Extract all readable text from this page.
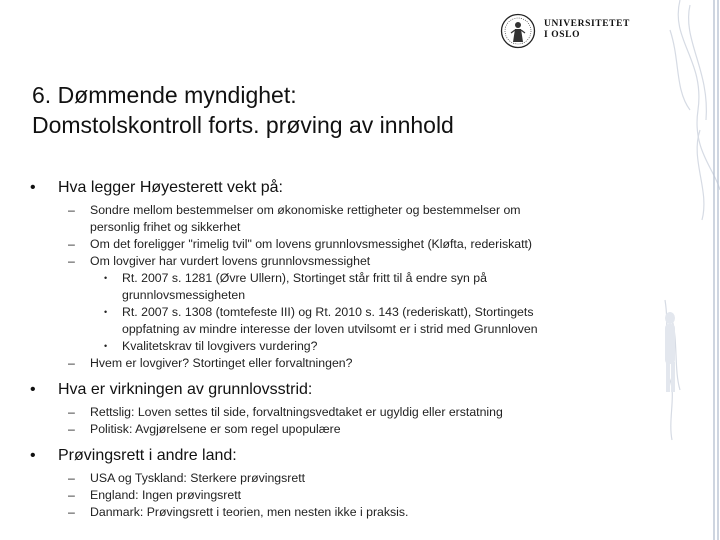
UNIVERSITETET
I OSLO
6. Dømmende myndighet:
Domstolskontroll forts. prøving av innhold
• Hva legger Høyesterett vekt på:
– Sondre mellom bestemmelser om økonomiske rettigheter og bestemmelser om
personlig frihet og sikkerhet
– Om det foreligger "rimelig tvil" om lovens grunnlovsmessighet (Kløfta, rederiskatt)
– Om lovgiver har vurdert lovens grunnlovsmessighet
• Rt. 2007 s. 1281 (Øvre Ullern), Stortinget står fritt til å endre syn på
grunnlovsmessigheten
• Rt. 2007 s. 1308 (tomtefeste III) og Rt. 2010 s. 143 (rederiskatt), Stortingets
oppfatning av mindre interesse der loven utvilsomt er i strid med Grunnloven
• Kvalitetskrav til lovgivers vurdering?
– Hvem er lovgiver? Stortinget eller forvaltningen?
• Hva er virkningen av grunnlovsstrid:
– Rettslig: Loven settes til side, forvaltningsvedtaket er ugyldig eller erstatning
– Politisk: Avgjørelsene er som regel upopulære
• Prøvingsrett i andre land:
– USA og Tyskland: Sterkere prøvingsrett
– England: Ingen prøvingsrett
– Danmark: Prøvingsrett i teorien, men nesten ikke i praksis.
